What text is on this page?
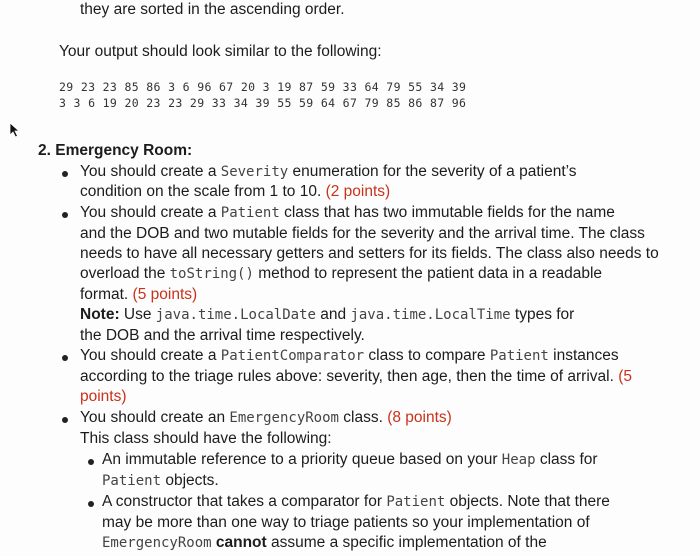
they are sorted in the ascending order.
Your output should look similar to the following:
29 23 23 85 86 3 6 96 67 20 3 19 87 59 33 64 79 55 34 39
3 3 6 19 20 23 23 29 33 34 39 55 59 64 67 79 85 86 87 96
2. Emergency Room:
You should create a Severity enumeration for the severity of a patient’s
condition on the scale from 1 to 10. (2 points)
You should create a Patient class that has two immutable fields for the name
and the DOB and two mutable fields for the severity and the arrival time. The class
needs to have all necessary getters and setters for its fields. The class also needs to
overload the toString() method to represent the patient data in a readable
format. (5 points)
Note: Use java.time.LocalDate and java.time.LocalTime types for
the DOB and the arrival time respectively.
You should create a PatientComparator class to compare Patient instances
according to the triage rules above: severity, then age, then the time of arrival. (5
points)
You should create an EmergencyRoom class. (8 points)
This class should have the following:
An immutable reference to a priority queue based on your Heap class for
Patient objects.
A constructor that takes a comparator for Patient objects. Note that there
may be more than one way to triage patients so your implementation of
EmergencyRoom cannot assume a specific implementation of the
